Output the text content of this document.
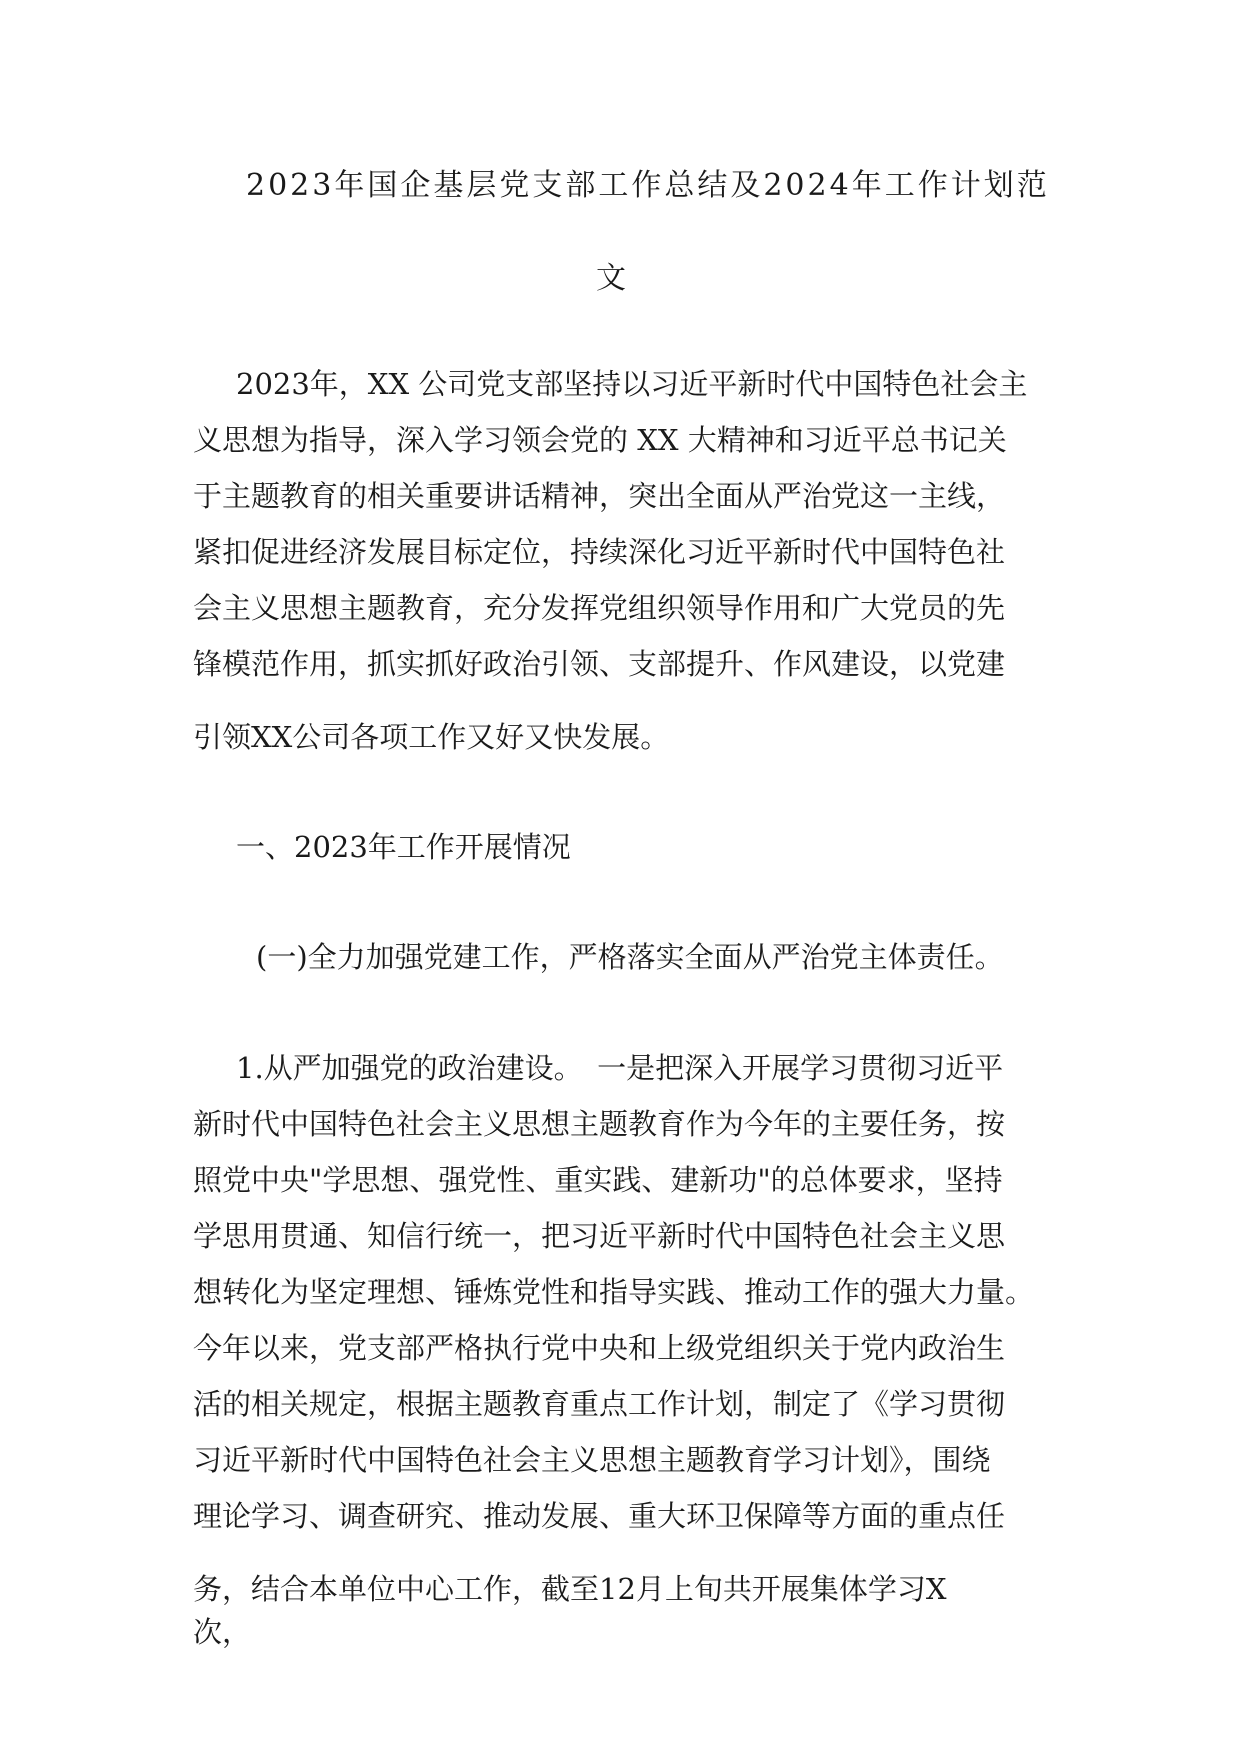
2023年国企基层党支部工作总结及2024年工作计划范
文
2023年，XX 公司党支部坚持以习近平新时代中国特色社会主
义思想为指导，深入学习领会党的 XX 大精神和习近平总书记关
于主题教育的相关重要讲话精神，突出全面从严治党这一主线，
紧扣促进经济发展目标定位，持续深化习近平新时代中国特色社
会主义思想主题教育，充分发挥党组织领导作用和广大党员的先
锋模范作用，抓实抓好政治引领、支部提升、作风建设，以党建
引领XX公司各项工作又好又快发展。
一、2023年工作开展情况
(一)全力加强党建工作，严格落实全面从严治党主体责任。
1.从严加强党的政治建设。　一是把深入开展学习贯彻习近平
新时代中国特色社会主义思想主题教育作为今年的主要任务，按
照党中央"学思想、强党性、重实践、建新功"的总体要求，坚持
学思用贯通、知信行统一，把习近平新时代中国特色社会主义思
想转化为坚定理想、锤炼党性和指导实践、推动工作的强大力量。
今年以来，党支部严格执行党中央和上级党组织关于党内政治生
活的相关规定，根据主题教育重点工作计划，制定了《学习贯彻
习近平新时代中国特色社会主义思想主题教育学习计划》，围绕
理论学习、调查研究、推动发展、重大环卫保障等方面的重点任
务，结合本单位中心工作，截至12月上旬共开展集体学习X
次，
